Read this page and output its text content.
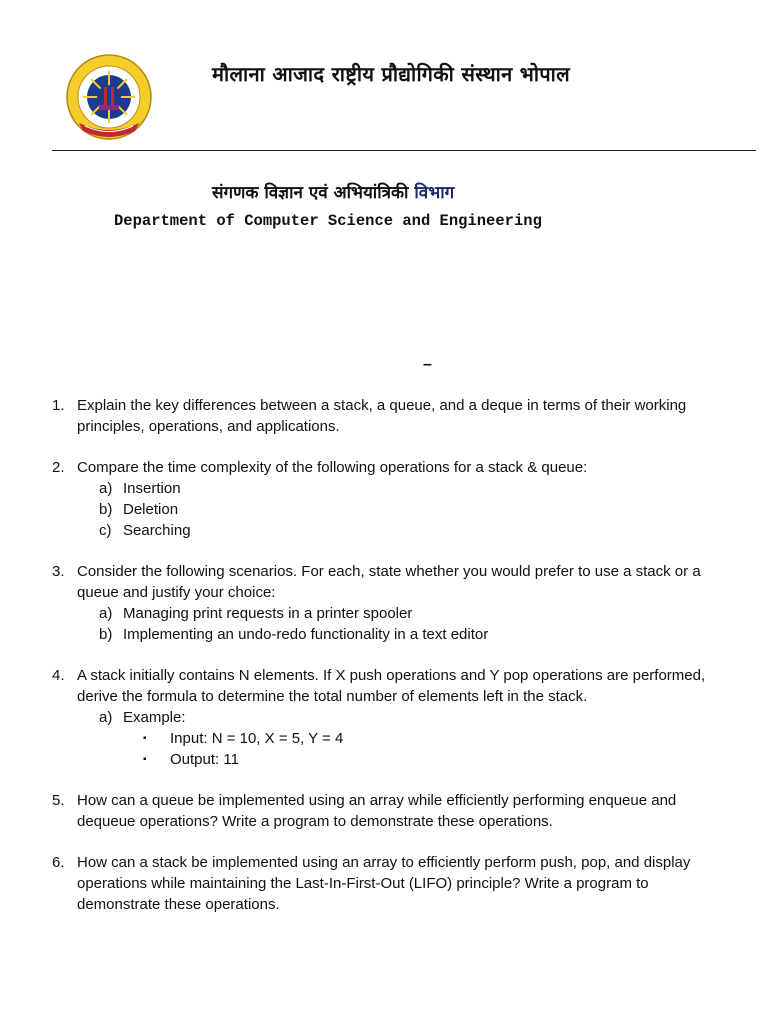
मौलाना आजाद राष्ट्रीय प्रौद्योगिकी संस्थान भोपाल
संगणक विज्ञान एवं अभियांत्रिकी विभाग
Department of Computer Science and Engineering
–
1. Explain the key differences between a stack, a queue, and a deque in terms of their working principles, operations, and applications.
2. Compare the time complexity of the following operations for a stack & queue:
a) Insertion
b) Deletion
c) Searching
3. Consider the following scenarios. For each, state whether you would prefer to use a stack or a queue and justify your choice:
a) Managing print requests in a printer spooler
b) Implementing an undo-redo functionality in a text editor
4. A stack initially contains N elements. If X push operations and Y pop operations are performed, derive the formula to determine the total number of elements left in the stack.
a) Example:
▪	Input: N = 10, X = 5, Y = 4
▪	Output: 11
5. How can a queue be implemented using an array while efficiently performing enqueue and dequeue operations? Write a program to demonstrate these operations.
6. How can a stack be implemented using an array to efficiently perform push, pop, and display operations while maintaining the Last-In-First-Out (LIFO) principle? Write a program to demonstrate these operations.
